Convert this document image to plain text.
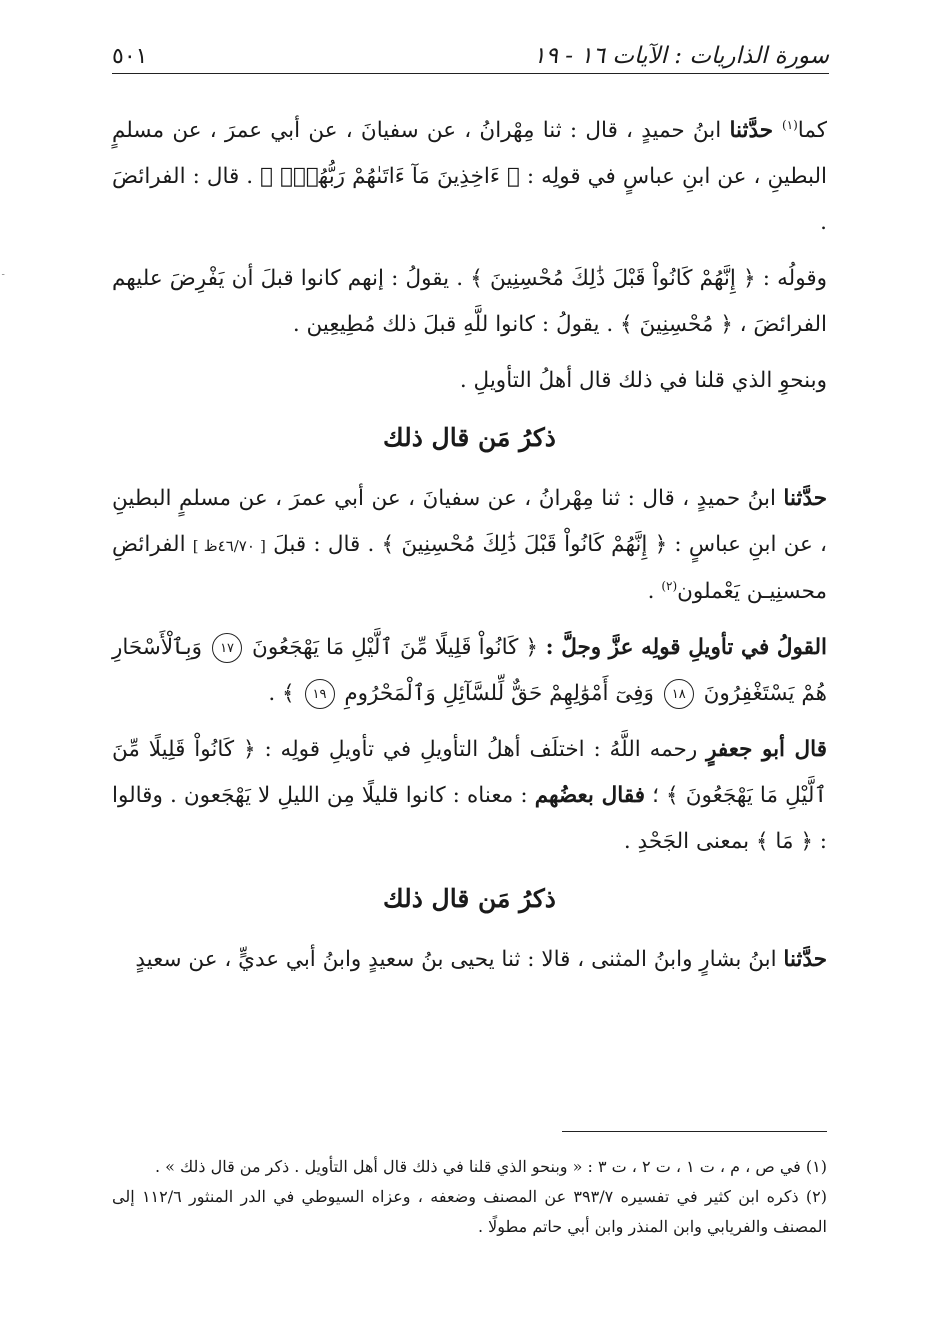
سورة الذاريات : الآيات ١٦ - ١٩
٥٠١
كما$^{(١)}$ حدَّثنا ابنُ حميدٍ ، قال : ثنا مِهْرانُ ، عن سفيانَ ، عن أبي عمرَ ، عن مسلمٍ البطينِ ، عن ابنِ عباسٍ في قولِه : ﴿ ءَاخِذِينَ مَآ ءَاتَىٰهُمْ رَبُّهُمْۚ ﴾ . قال : الفرائضَ .
وقولُه : ﴿ إِنَّهُمْ كَانُواْ قَبْلَ ذَٰلِكَ مُحْسِنِينَ ﴾ . يقولُ : إنهم كانوا قبلَ أن يَفْرِضَ عليهم الفرائضَ ، ﴿ مُحْسِنِينَ ﴾ . يقولُ : كانوا للَّهِ قبلَ ذلك مُطِيعِين .
وبنحوِ الذي قلنا في ذلك قال أهلُ التأويلِ .
ذكرُ مَن قال ذلك
حدَّثنا ابنُ حميدٍ ، قال : ثنا مِهْرانُ ، عن سفيانَ ، عن أبي عمرَ ، عن مسلمٍ البطينِ ، عن ابنِ عباسٍ : ﴿ إِنَّهُمْ كَانُواْ قَبْلَ ذَٰلِكَ مُحْسِنِينَ ﴾ . قال : قبلَ [ ٤٦/٧٠ظ ] الفرائضِ محسنِيـن يَعْملون$^{(٢)}$ .
القولُ في تأويلِ قولِه عزَّ وجلَّ : ﴿ كَانُواْ قَلِيلًا مِّنَ ٱلَّيْلِ مَا يَهْجَعُونَ ١٧ وَبِٱلْأَسْحَارِ هُمْ يَسْتَغْفِرُونَ ١٨ وَفِىٓ أَمْوَٰلِهِمْ حَقٌّ لِّلسَّآئِلِ وَٱلْمَحْرُومِ ١٩ ﴾ .
قال أبو جعفرٍ رحمه اللَّهُ : اختلَف أهلُ التأويلِ في تأويلِ قولِه : ﴿ كَانُواْ قَلِيلًا مِّنَ ٱلَّيْلِ مَا يَهْجَعُونَ ﴾ ؛ فقال بعضُهم : معناه : كانوا قليلًا مِن الليلِ لا يَهْجَعون . وقالوا : ﴿ مَا ﴾ بمعنى الجَحْدِ .
ذكرُ مَن قال ذلك
حدَّثنا ابنُ بشارٍ وابنُ المثنى ، قالا : ثنا يحيى بنُ سعيدٍ وابنُ أبي عديٍّ ، عن سعيدٍ
(١) في ص ، م ، ت ١ ، ت ٢ ، ت ٣ : « وبنحو الذي قلنا في ذلك قال أهل التأويل . ذكر من قال ذلك » .
(٢) ذكره ابن كثير في تفسيره ٣٩٣/٧ عن المصنف وضعفه ، وعزاه السيوطي في الدر المنثور ١١٢/٦ إلى المصنف والفريابي وابن المنذر وابن أبي حاتم مطولًا .
ـ
